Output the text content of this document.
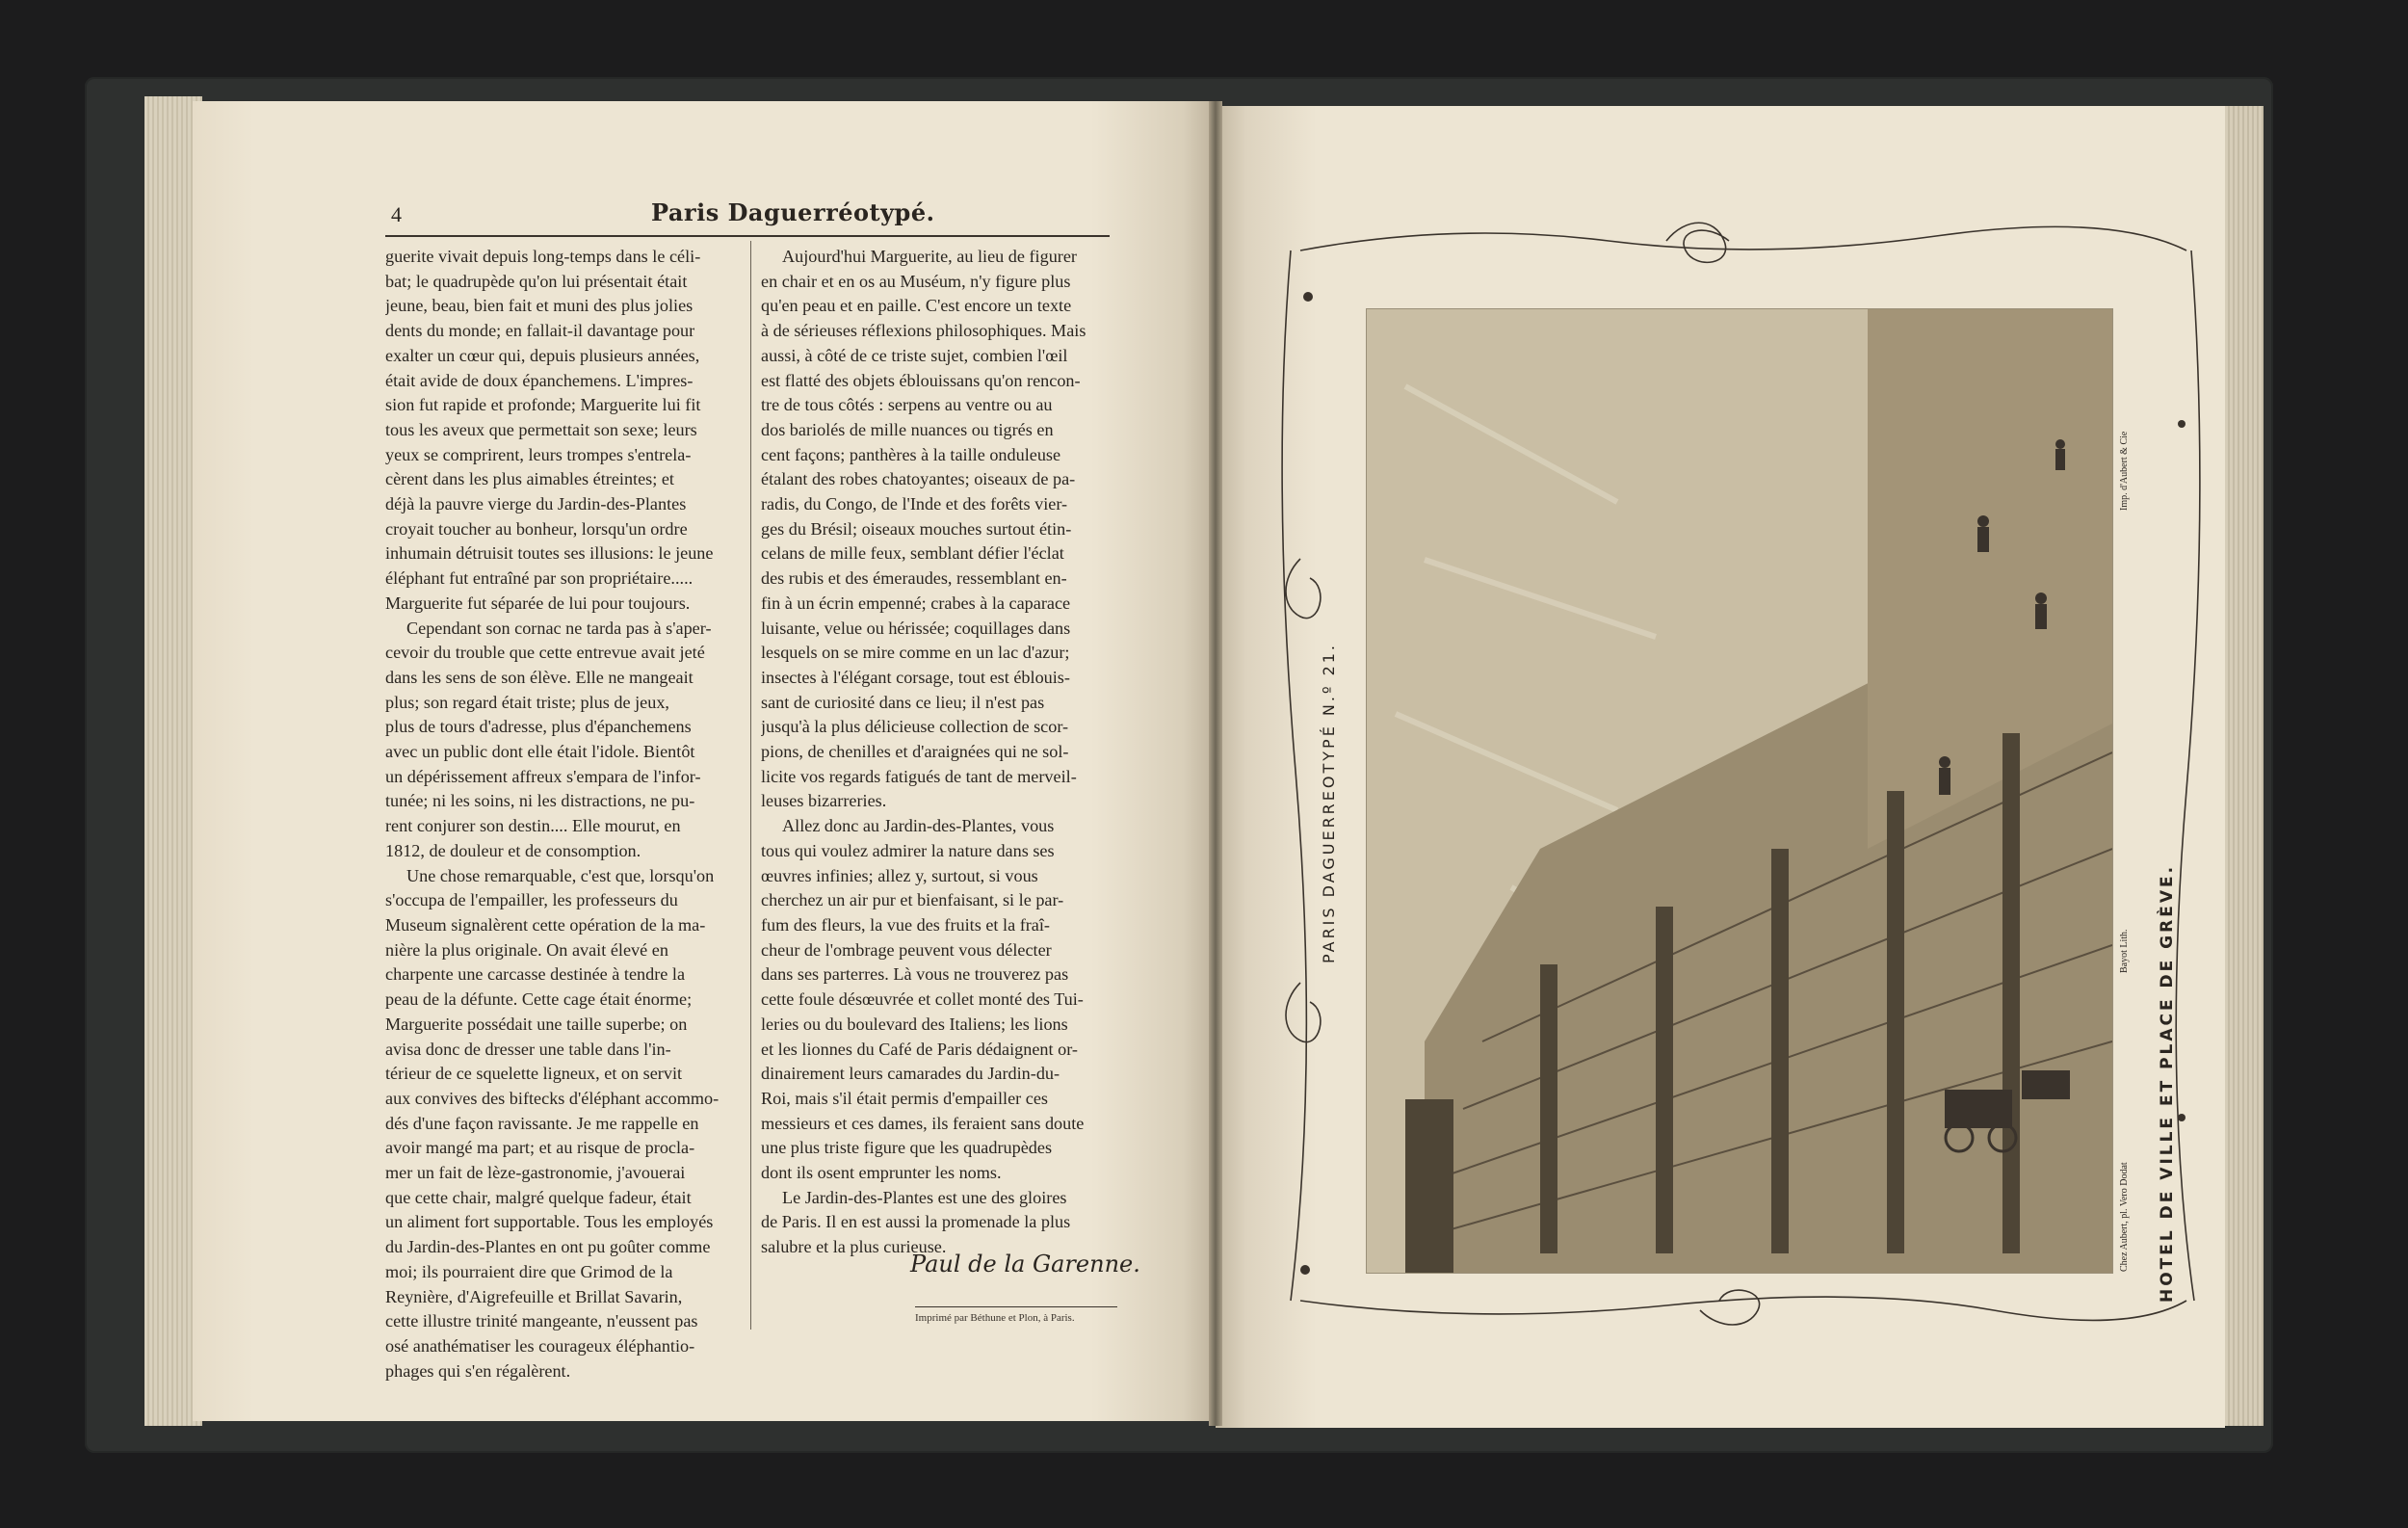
4	Paris Daguerréotypé.
guerite vivait depuis long-temps dans le céli-
bat; le quadrupède qu'on lui présentait était
jeune, beau, bien fait et muni des plus jolies
dents du monde; en fallait-il davantage pour
exalter un cœur qui, depuis plusieurs années,
était avide de doux épanchemens. L'impres-
sion fut rapide et profonde; Marguerite lui fit
tous les aveux que permettait son sexe; leurs
yeux se comprirent, leurs trompes s'entrela-
cèrent dans les plus aimables étreintes; et
déjà la pauvre vierge du Jardin-des-Plantes
croyait toucher au bonheur, lorsqu'un ordre
inhumain détruisit toutes ses illusions: le jeune
éléphant fut entraîné par son propriétaire.....
Marguerite fut séparée de lui pour toujours.
Cependant son cornac ne tarda pas à s'aper-
cevoir du trouble que cette entrevue avait jeté
dans les sens de son élève. Elle ne mangeait
plus; son regard était triste; plus de jeux,
plus de tours d'adresse, plus d'épanchemens
avec un public dont elle était l'idole. Bientôt
un dépérissement affreux s'empara de l'infor-
tunée; ni les soins, ni les distractions, ne pu-
rent conjurer son destin.... Elle mourut, en
1812, de douleur et de consomption.
Une chose remarquable, c'est que, lorsqu'on
s'occupa de l'empailler, les professeurs du
Museum signalèrent cette opération de la ma-
nière la plus originale. On avait élevé en
charpente une carcasse destinée à tendre la
peau de la défunte. Cette cage était énorme;
Marguerite possédait une taille superbe; on
avisa donc de dresser une table dans l'in-
térieur de ce squelette ligneux, et on servit
aux convives des biftecks d'éléphant accommo-
dés d'une façon ravissante. Je me rappelle en
avoir mangé ma part; et au risque de proclа-
mer un fait de lèze-gastronomie, j'avouerai
que cette chair, malgré quelque fadeur, était
un aliment fort supportable. Tous les employés
du Jardin-des-Plantes en ont pu goûter comme
moi; ils pourraient dire que Grimod de la
Reynière, d'Aigrefeuille et Brillat Savarin,
cette illustre trinité mangeante, n'eussent pas
osé anathématiser les courageux éléphantio-
phages qui s'en régalèrent.
Aujourd'hui Marguerite, au lieu de figurer
en chair et en os au Muséum, n'y figure plus
qu'en peau et en paille. C'est encore un texte
à de sérieuses réflexions philosophiques. Mais
aussi, à côté de ce triste sujet, combien l'œil
est flatté des objets éblouissans qu'on rencon-
tre de tous côtés : serpens au ventre ou au
dos bariolés de mille nuances ou tigrés en
cent façons; panthères à la taille onduleuse
étalant des robes chatoyantes; oiseaux de pa-
radis, du Congo, de l'Inde et des forêts vier-
ges du Brésil; oiseaux mouches surtout étin-
celans de mille feux, semblant défier l'éclat
des rubis et des émeraudes, ressemblant en-
fin à un écrin empenné; crabes à la caparace
luisante, velue ou hérissée; coquillages dans
lesquels on se mire comme en un lac d'azur;
insectes à l'élégant corsage, tout est éblouis-
sant de curiosité dans ce lieu; il n'est pas
jusqu'à la plus délicieuse collection de scor-
pions, de chenilles et d'araignées qui ne sol-
licite vos regards fatigués de tant de merveil-
leuses bizarreries.
Allez donc au Jardin-des-Plantes, vous
tous qui voulez admirer la nature dans ses
œuvres infinies; allez y, surtout, si vous
cherchez un air pur et bienfaisant, si le par-
fum des fleurs, la vue des fruits et la fraî-
cheur de l'ombrage peuvent vous délecter
dans ses parterres. Là vous ne trouverez pas
cette foule désœuvrée et collet monté des Tui-
leries ou du boulevard des Italiens; les lions
et les lionnes du Café de Paris dédaignent or-
dinairement leurs camarades du Jardin-du-
Roi, mais s'il était permis d'empailler ces
messieurs et ces dames, ils feraient sans doute
une plus triste figure que les quadrupèdes
dont ils osent emprunter les noms.
Le Jardin-des-Plantes est une des gloires
de Paris. Il en est aussi la promenade la plus
salubre et la plus curieuse.
Paul de la Garenne.
Imprimé par Béthune et Plon, à Paris.
PARIS DAGUERREOTYPÉ N.º 21.
HOTEL DE VILLE ET PLACE DE GRÈVE.
Chez Aubert, pl. Vero Dodat
Bayot Lith.
Imp. d'Aubert & Cie
